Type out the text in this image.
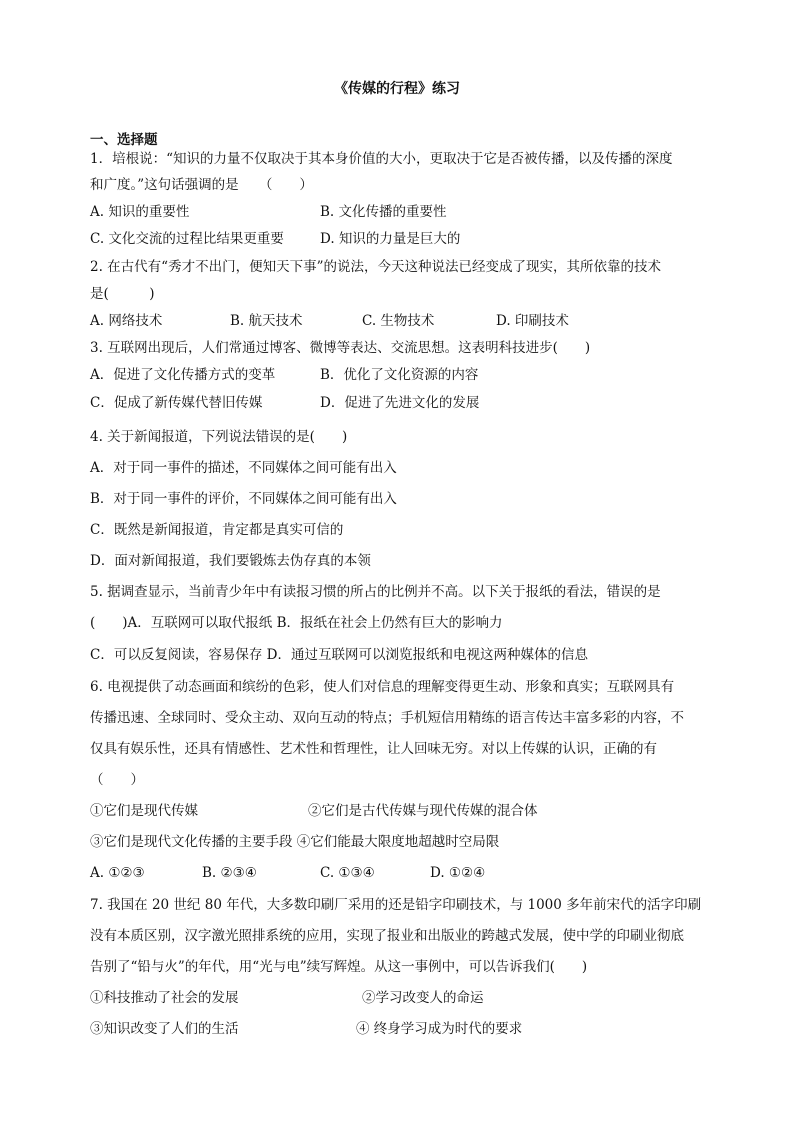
《传媒的行程》练习
一、选择题
1．培根说：“知识的力量不仅取决于其本身价值的大小，更取决于它是否被传播，以及传播的深度
和广度。”这句话强调的是　　（　　）
A. 知识的重要性	B. 文化传播的重要性
C. 文化交流的过程比结果更重要	D. 知识的力量是巨大的
2. 在古代有“秀才不出门，便知天下事”的说法，今天这种说法已经变成了现实，其所依靠的技术
是(　　　)
A. 网络技术	B. 航天技术	C. 生物技术	D. 印刷技术
3. 互联网出现后，人们常通过博客、微博等表达、交流思想。这表明科技进步(　　)
A．促进了文化传播方式的变革	B．优化了文化资源的内容
C．促成了新传媒代替旧传媒	D．促进了先进文化的发展
4. 关于新闻报道，下列说法错误的是(　　)
A．对于同一事件的描述，不同媒体之间可能有出入
B．对于同一事件的评价，不同媒体之间可能有出入
C．既然是新闻报道，肯定都是真实可信的
D．面对新闻报道，我们要锻炼去伪存真的本领
5. 据调查显示，当前青少年中有读报习惯的所占的比例并不高。以下关于报纸的看法，错误的是
(　　)A．互联网可以取代报纸 B．报纸在社会上仍然有巨大的影响力
C．可以反复阅读，容易保存 D．通过互联网可以浏览报纸和电视这两种媒体的信息
6. 电视提供了动态画面和缤纷的色彩，使人们对信息的理解变得更生动、形象和真实；互联网具有
传播迅速、全球同时、受众主动、双向互动的特点；手机短信用精练的语言传达丰富多彩的内容，不
仅具有娱乐性，还具有情感性、艺术性和哲理性，让人回味无穷。对以上传媒的认识，正确的有
（　　）
①它们是现代传媒	②它们是古代传媒与现代传媒的混合体
③它们是现代文化传播的主要手段 ④它们能最大限度地超越时空局限
A. ①②③	B. ②③④	C. ①③④	D. ①②④
7. 我国在 20 世纪 80 年代，大多数印刷厂采用的还是铅字印刷技术，与 1000 多年前宋代的活字印刷
没有本质区别，汉字激光照排系统的应用，实现了报业和出版业的跨越式发展，使中学的印刷业彻底
告别了“铅与火”的年代，用“光与电”续写辉煌。从这一事例中，可以告诉我们(　　)
①科技推动了社会的发展	②学习改变人的命运
③知识改变了人们的生活	④ 终身学习成为时代的要求
